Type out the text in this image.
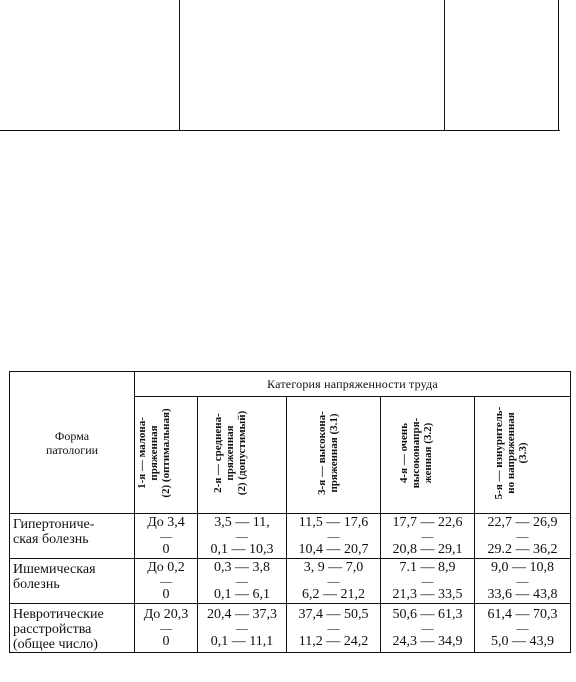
Форма
патологии	Категория напряженности труда				

	1-я — малона-
пряженная
(2) (оптимальная)	2-я — среднена-
пряженная
(2) (допустимый)	3-я — высокона-
пряженная (3.1)	4-я — очень
высоконапря-
женная (3.2)	5-я — изнуритель-
но напряженная
(3.3)

Гипертониче-
ская болезнь	До 3,4
—
0	3,5 — 11,
—
0,1 — 10,3	11,5 — 17,6
—
10,4 — 20,7	17,7 — 22,6
—
20,8 — 29,1	22,7 — 26,9
—
29.2 — 36,2

Ишемическая
болезнь	До 0,2
—
0	0,3 — 3,8
—
0,1 — 6,1	3, 9 — 7,0
—
6,2 — 21,2	7.1 — 8,9
—
21,3 — 33,5	9,0 — 10,8
—
33,6 — 43,8

Невротические
расстройства
(общее число)	До 20,3
—
0	20,4 — 37,3
—
0,1 — 11,1	37,4 — 50,5
—
11,2 — 24,2	50,6 — 61,3
—
24,3 — 34,9	61,4 — 70,3
—
5,0 — 43,9
